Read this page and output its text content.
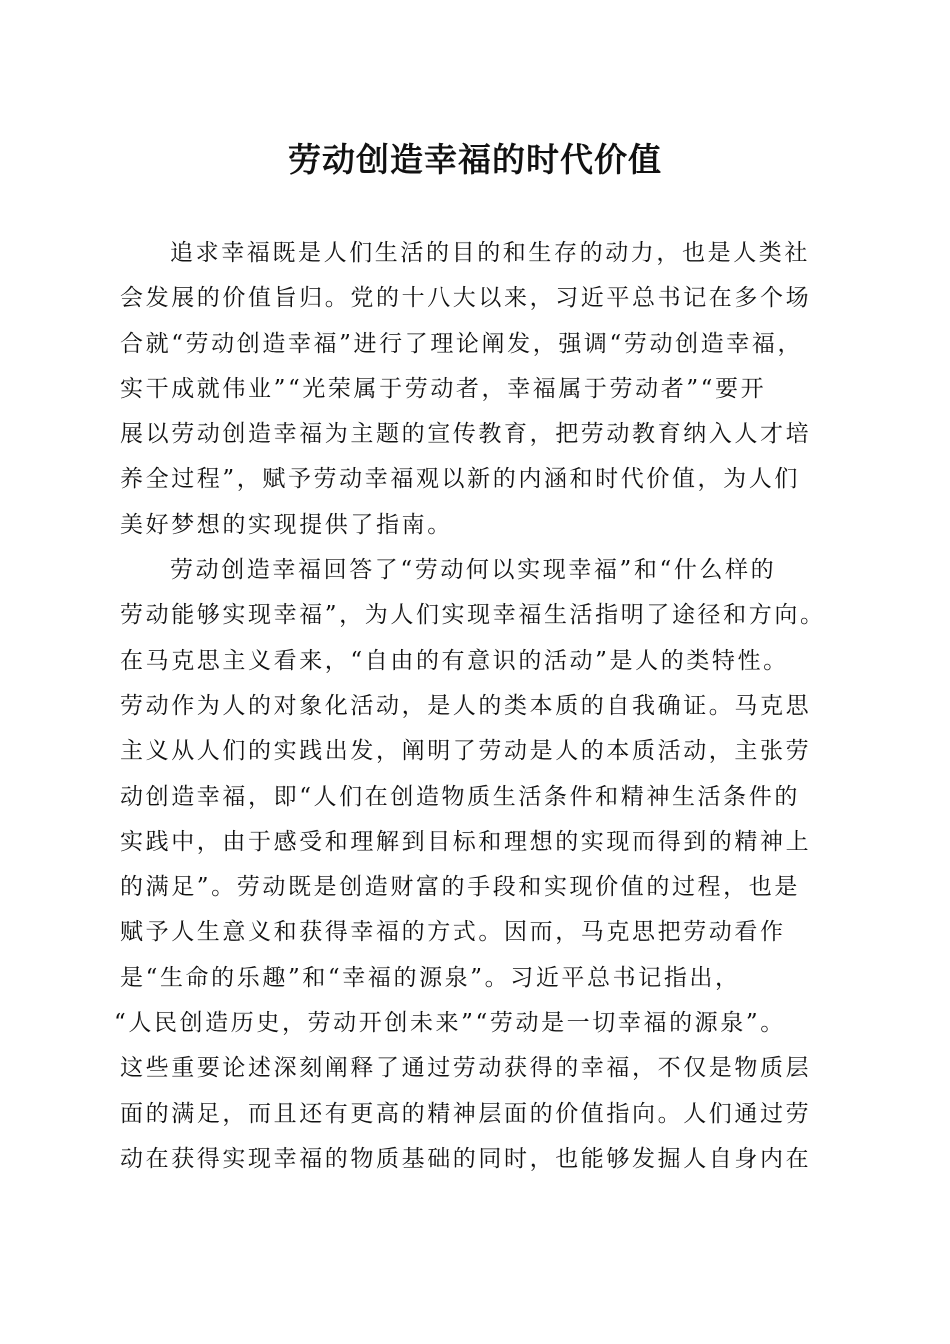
劳动创造幸福的时代价值
追求幸福既是人们生活的目的和生存的动力，也是人类社
会发展的价值旨归。党的十八大以来，习近平总书记在多个场
合就“劳动创造幸福”进行了理论阐发，强调“劳动创造幸福，
实干成就伟业”“光荣属于劳动者，幸福属于劳动者”“要开
展以劳动创造幸福为主题的宣传教育，把劳动教育纳入人才培
养全过程”，赋予劳动幸福观以新的内涵和时代价值，为人们
美好梦想的实现提供了指南。
劳动创造幸福回答了“劳动何以实现幸福”和“什么样的
劳动能够实现幸福”，为人们实现幸福生活指明了途径和方向。
在马克思主义看来，“自由的有意识的活动”是人的类特性。
劳动作为人的对象化活动，是人的类本质的自我确证。马克思
主义从人们的实践出发，阐明了劳动是人的本质活动，主张劳
动创造幸福，即“人们在创造物质生活条件和精神生活条件的
实践中，由于感受和理解到目标和理想的实现而得到的精神上
的满足”。劳动既是创造财富的手段和实现价值的过程，也是
赋予人生意义和获得幸福的方式。因而，马克思把劳动看作
是“生命的乐趣”和“幸福的源泉”。习近平总书记指出，
“人民创造历史，劳动开创未来”“劳动是一切幸福的源泉”。
这些重要论述深刻阐释了通过劳动获得的幸福，不仅是物质层
面的满足，而且还有更高的精神层面的价值指向。人们通过劳
动在获得实现幸福的物质基础的同时，也能够发掘人自身内在
